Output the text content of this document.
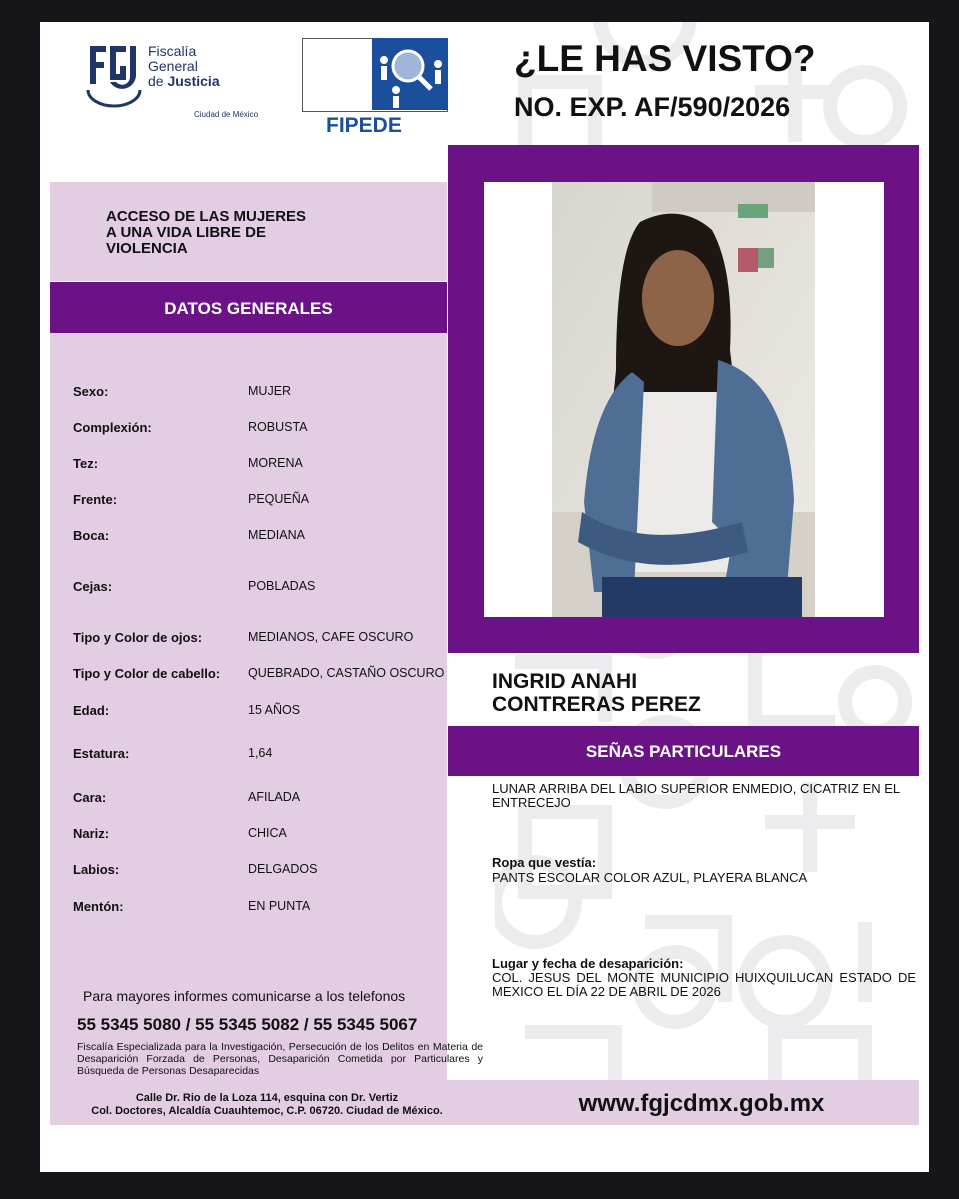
Fiscalía
General
de Justicia
Ciudad de México	FIPEDE
¿LE HAS VISTO?
NO. EXP. AF/590/2026
ACCESO DE LAS MUJERES
A UNA VIDA LIBRE DE
VIOLENCIA
DATOS GENERALES
Sexo:	MUJER
Complexión:	ROBUSTA
Tez:	MORENA
Frente:	PEQUEÑA
Boca:	MEDIANA
Cejas:	POBLADAS
Tipo y Color de ojos:	MEDIANOS, CAFE OSCURO
Tipo y Color de cabello: QUEBRADO, CASTAÑO OSCURO
Edad:	15 AÑOS
Estatura:	1,64
Cara:	AFILADA
Nariz:	CHICA
Labios:	DELGADOS
Mentón:	EN PUNTA
Para mayores informes comunicarse a los telefonos
55 5345 5080 / 55 5345 5082 / 55 5345 5067
Fiscalía Especializada para la Investigación, Persecución de los Delitos en Materia de Desaparición Forzada de Personas, Desaparición Cometida por Particulares y Búsqueda de Personas Desaparecidas
Calle Dr. Rio de la Loza 114, esquina con Dr. Vertiz
Col. Doctores, Alcaldía Cuauhtemoc, C.P. 06720. Ciudad de México.
INGRID ANAHI
CONTRERAS PEREZ
SEÑAS PARTICULARES
LUNAR ARRIBA DEL LABIO SUPERIOR ENMEDIO, CICATRIZ EN EL ENTRECEJO
Ropa que vestía:
PANTS ESCOLAR COLOR AZUL, PLAYERA BLANCA
Lugar y fecha de desaparición:
COL. JESUS DEL MONTE MUNICIPIO HUIXQUILUCAN ESTADO DE MEXICO EL DÍA 22 DE ABRIL DE 2026
www.fgjcdmx.gob.mx
